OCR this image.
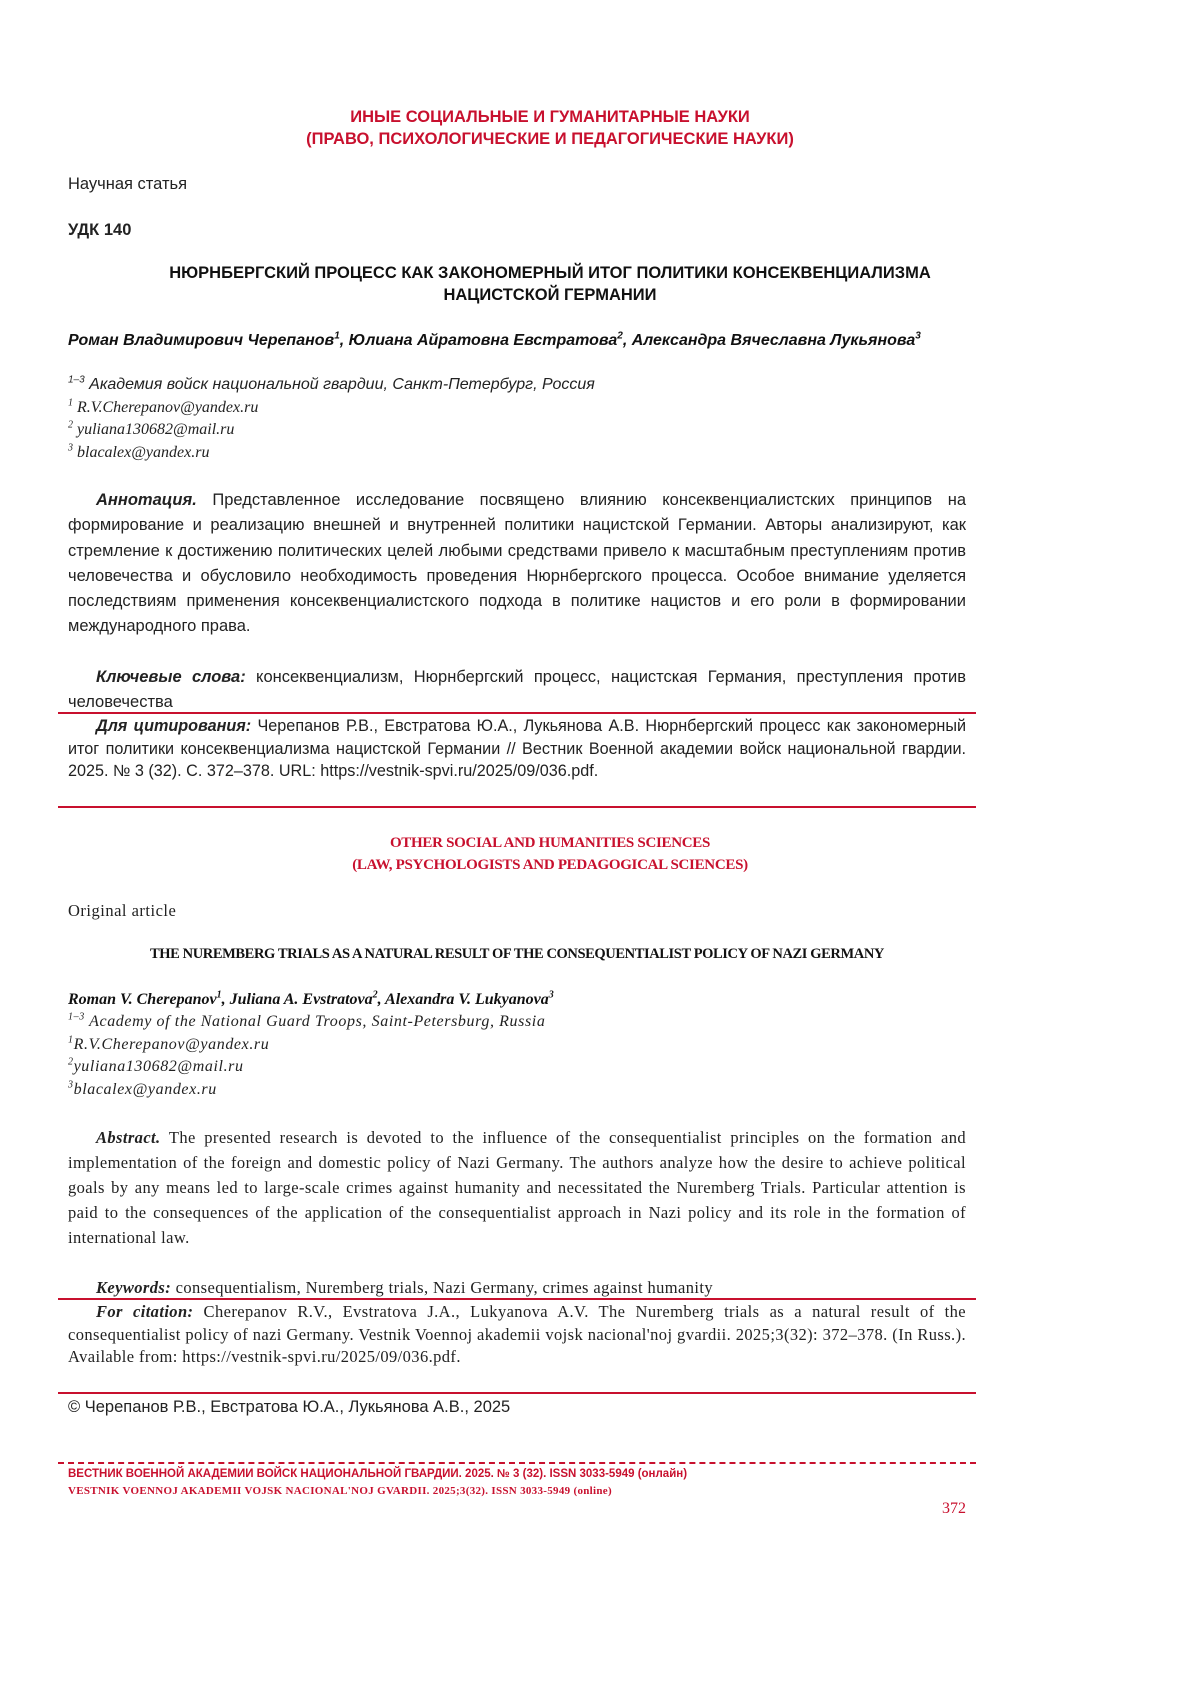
ИНЫЕ СОЦИАЛЬНЫЕ И ГУМАНИТАРНЫЕ НАУКИ
(ПРАВО, ПСИХОЛОГИЧЕСКИЕ И ПЕДАГОГИЧЕСКИЕ НАУКИ)
Научная статья
УДК 140
НЮРНБЕРГСКИЙ ПРОЦЕСС КАК ЗАКОНОМЕРНЫЙ ИТОГ ПОЛИТИКИ КОНСЕКВЕНЦИАЛИЗМА
НАЦИСТСКОЙ ГЕРМАНИИ
Роман Владимирович Черепанов$^1$, Юлиана Айратовна Евстратова$^2$, Александра Вячеславна Лукьянова$^3$
$^{1-3}$ Академия войск национальной гвардии, Санкт-Петербург, Россия
$^1$ R.V.Cherepanov@yandex.ru
$^2$ yuliana130682@mail.ru
$^3$ blacalex@yandex.ru
Аннотация. Представленное исследование посвящено влиянию консеквенциалистских принципов на формирование и реализацию внешней и внутренней политики нацистской Германии. Авторы анализируют, как стремление к достижению политических целей любыми средствами привело к масштабным преступлениям против человечества и обусловило необходимость проведения Нюрнбергского процесса. Особое внимание уделяется последствиям применения консеквенциалистского подхода в политике нацистов и его роли в формировании международного права.
Ключевые слова: консеквенциализм, Нюрнбергский процесс, нацистская Германия, преступления против человечества
Для цитирования: Черепанов Р.В., Евстратова Ю.А., Лукьянова А.В. Нюрнбергский процесс как закономерный итог политики консеквенциализма нацистской Германии // Вестник Военной академии войск национальной гвардии. 2025. № 3 (32). С. 372–378. URL: https://vestnik-spvi.ru/2025/09/036.pdf.
OTHER SOCIAL AND HUMANITIES SCIENCES
(LAW, PSYCHOLOGISTS AND PEDAGOGICAL SCIENCES)
Original article
THE NUREMBERG TRIALS AS A NATURAL RESULT OF THE CONSEQUENTIALIST POLICY OF NAZI GERMANY
Roman V. Cherepanov$^1$, Juliana A. Evstratova$^2$, Alexandra V. Lukyanova$^3$
$^{1-3}$ Academy of the National Guard Troops, Saint-Petersburg, Russia
$^1$R.V.Cherepanov@yandex.ru
$^2$yuliana130682@mail.ru
$^3$blacalex@yandex.ru
Abstract. The presented research is devoted to the influence of the consequentialist principles on the formation and implementation of the foreign and domestic policy of Nazi Germany. The authors analyze how the desire to achieve political goals by any means led to large-scale crimes against humanity and necessitated the Nuremberg Trials. Particular attention is paid to the consequences of the application of the consequentialist approach in Nazi policy and its role in the formation of international law.
Keywords: consequentialism, Nuremberg trials, Nazi Germany, crimes against humanity
For citation: Cherepanov R.V., Evstratova J.A., Lukyanova A.V. The Nuremberg trials as a natural result of the consequentialist policy of nazi Germany. Vestnik Voennoj akademii vojsk nacional'noj gvardii. 2025;3(32): 372–378. (In Russ.). Available from: https://vestnik-spvi.ru/2025/09/036.pdf.
© Черепанов Р.В., Евстратова Ю.А., Лукьянова А.В., 2025
ВЕСТНИК ВОЕННОЙ АКАДЕМИИ ВОЙСК НАЦИОНАЛЬНОЙ ГВАРДИИ. 2025. № 3 (32). ISSN 3033-5949 (онлайн)
VESTNIK VOENNOJ AKADEMII VOJSK NACIONAL'NOJ GVARDII. 2025;3(32). ISSN 3033-5949 (online)
372
